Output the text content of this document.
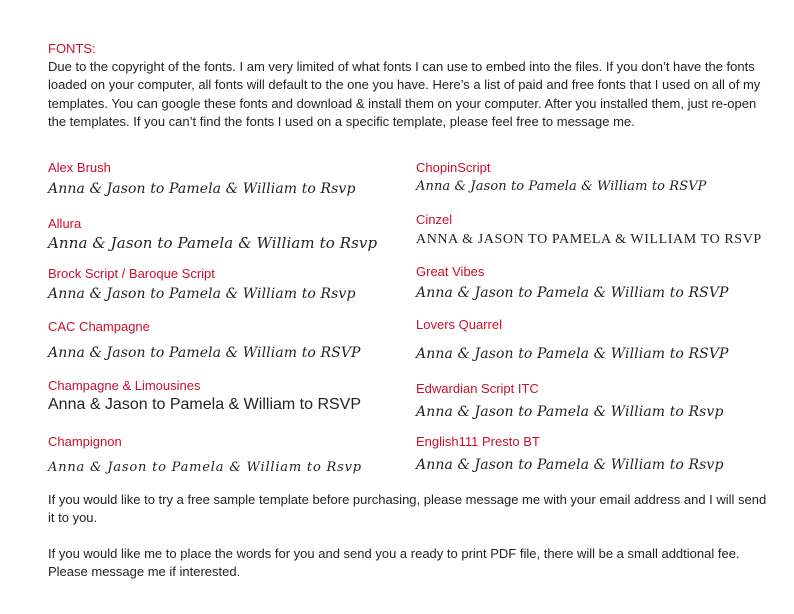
FONTS:
Due to the copyright of the fonts. I am very limited of what fonts I can use to embed into the files. If you don’t have the fonts loaded on your computer, all fonts will default to the one you have. Here’s a list of paid and free fonts that I used on all of my templates. You can google these fonts and download & install them on your computer. After you installed them, just re-open the templates. If you can’t find the fonts I used on a specific template, please feel free to message me.
Alex Brush
Anna & Jason to Pamela & William to Rsvp
Allura
Anna & Jason to Pamela & William to Rsvp
Brock Script / Baroque Script
Anna & Jason to Pamela & William to Rsvp
CAC Champagne
Anna & Jason to Pamela & William to RSVP
Champagne & Limousines
Anna & Jason to Pamela & William to RSVP
Champignon
Anna & Jason to Pamela & William to Rsvp
ChopinScript
Anna & Jason to Pamela & William to RSVP
Cinzel
ANNA & JASON TO PAMELA & WILLIAM TO RSVP
Great Vibes
Anna & Jason to Pamela & William to RSVP
Lovers Quarrel
Anna & Jason to Pamela & William to RSVP
Edwardian Script ITC
Anna & Jason to Pamela & William to Rsvp
English111 Presto BT
Anna & Jason to Pamela & William to Rsvp
If you would like to try a free sample template before purchasing, please message me with your email address and I will send it to you.
If you would like me to place the words for you and send you a ready to print PDF file, there will be a small addtional fee. Please message me if interested.
